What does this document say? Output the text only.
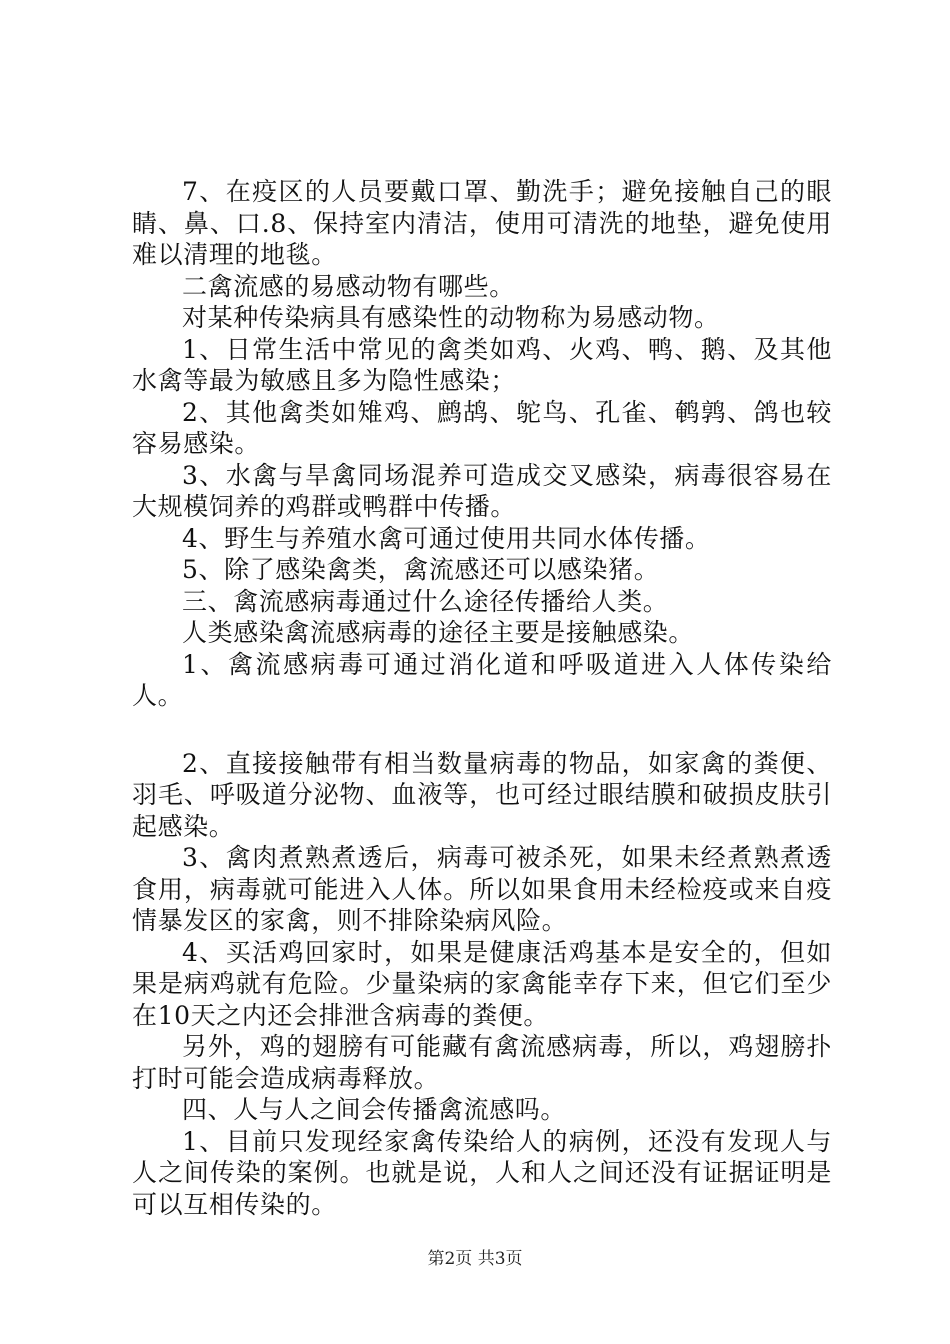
7、在疫区的人员要戴口罩、勤洗手；避免接触自己的眼睛、鼻、口.8、保持室内清洁，使用可清洗的地垫，避免使用难以清理的地毯。

二禽流感的易感动物有哪些。

对某种传染病具有感染性的动物称为易感动物。

1、日常生活中常见的禽类如鸡、火鸡、鸭、鹅、及其他水禽等最为敏感且多为隐性感染；

2、其他禽类如雉鸡、鹧鸪、鸵鸟、孔雀、鹌鹑、鸽也较容易感染。

3、水禽与旱禽同场混养可造成交叉感染，病毒很容易在大规模饲养的鸡群或鸭群中传播。

4、野生与养殖水禽可通过使用共同水体传播。

5、除了感染禽类，禽流感还可以感染猪。

三、禽流感病毒通过什么途径传播给人类。

人类感染禽流感病毒的途径主要是接触感染。

1、禽流感病毒可通过消化道和呼吸道进入人体传染给人。

2、直接接触带有相当数量病毒的物品，如家禽的粪便、羽毛、呼吸道分泌物、血液等，也可经过眼结膜和破损皮肤引起感染。

3、禽肉煮熟煮透后，病毒可被杀死，如果未经煮熟煮透食用，病毒就可能进入人体。所以如果食用未经检疫或来自疫情暴发区的家禽，则不排除染病风险。

4、买活鸡回家时，如果是健康活鸡基本是安全的，但如果是病鸡就有危险。少量染病的家禽能幸存下来，但它们至少在10天之内还会排泄含病毒的粪便。

另外，鸡的翅膀有可能藏有禽流感病毒，所以，鸡翅膀扑打时可能会造成病毒释放。

四、人与人之间会传播禽流感吗。

1、目前只发现经家禽传染给人的病例，还没有发现人与人之间传染的案例。也就是说，人和人之间还没有证据证明是可以互相传染的。

第2页 共3页
